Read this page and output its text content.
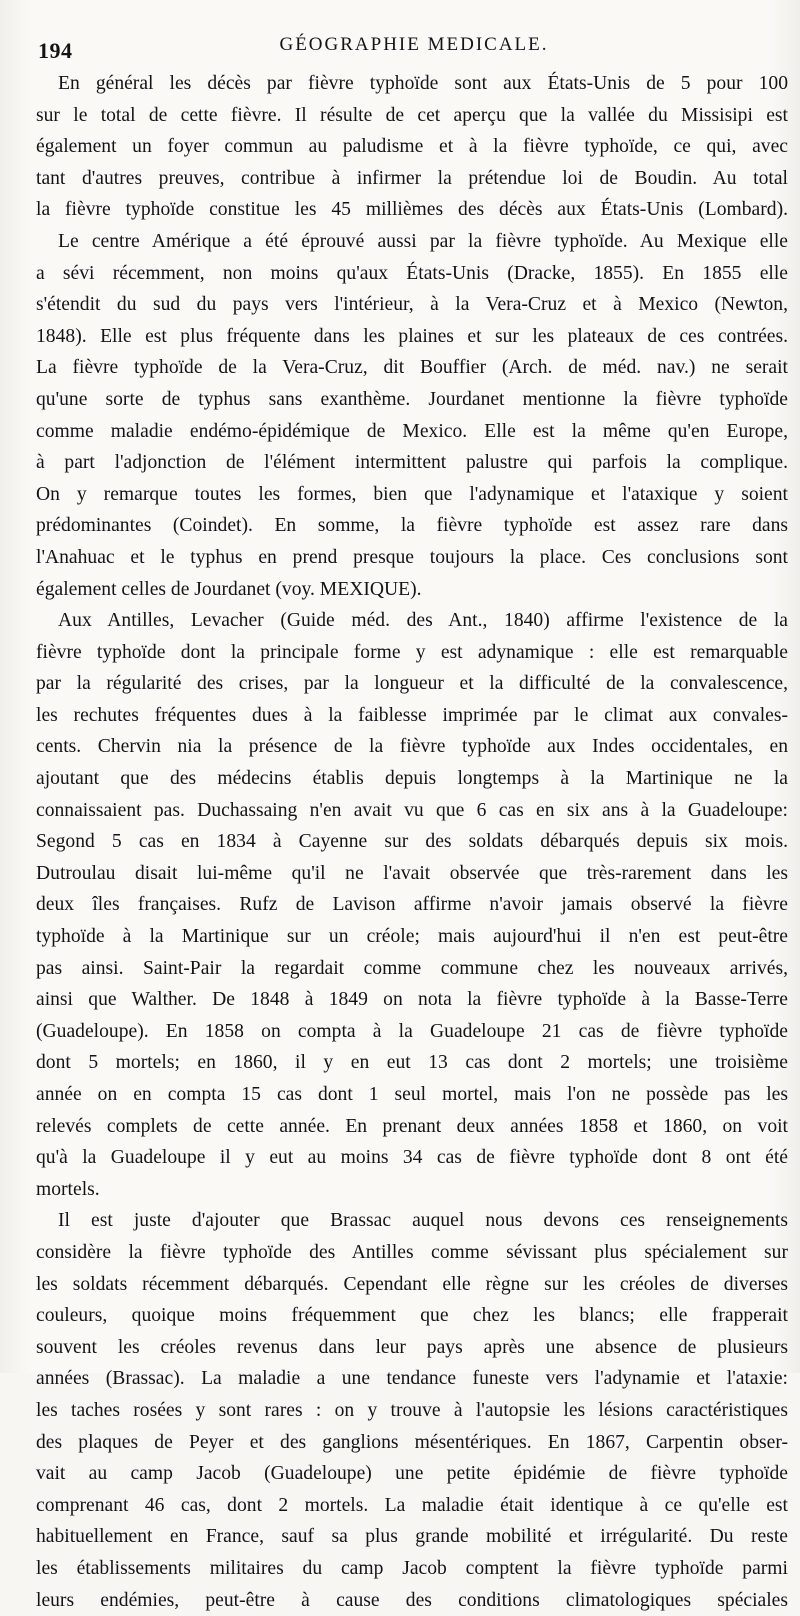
194	GÉOGRAPHIE MEDICALE.
En général les décès par fièvre typhoïde sont aux États-Unis de 5 pour 100
sur le total de cette fièvre. Il résulte de cet aperçu que la vallée du Missisipi est
également un foyer commun au paludisme et à la fièvre typhoïde, ce qui, avec
tant d'autres preuves, contribue à infirmer la prétendue loi de Boudin. Au total
la fièvre typhoïde constitue les 45 millièmes des décès aux États-Unis (Lombard).
Le centre Amérique a été éprouvé aussi par la fièvre typhoïde. Au Mexique elle
a sévi récemment, non moins qu'aux États-Unis (Dracke, 1855). En 1855 elle
s'étendit du sud du pays vers l'intérieur, à la Vera-Cruz et à Mexico (Newton,
1848). Elle est plus fréquente dans les plaines et sur les plateaux de ces contrées.
La fièvre typhoïde de la Vera-Cruz, dit Bouffier (Arch. de méd. nav.) ne serait
qu'une sorte de typhus sans exanthème. Jourdanet mentionne la fièvre typhoïde
comme maladie endémo-épidémique de Mexico. Elle est la même qu'en Europe,
à part l'adjonction de l'élément intermittent palustre qui parfois la complique.
On y remarque toutes les formes, bien que l'adynamique et l'ataxique y soient
prédominantes (Coindet). En somme, la fièvre typhoïde est assez rare dans
l'Anahuac et le typhus en prend presque toujours la place. Ces conclusions sont
également celles de Jourdanet (voy. MEXIQUE).
Aux Antilles, Levacher (Guide méd. des Ant., 1840) affirme l'existence de la
fièvre typhoïde dont la principale forme y est adynamique : elle est remarquable
par la régularité des crises, par la longueur et la difficulté de la convalescence,
les rechutes fréquentes dues à la faiblesse imprimée par le climat aux convales-
cents. Chervin nia la présence de la fièvre typhoïde aux Indes occidentales, en
ajoutant que des médecins établis depuis longtemps à la Martinique ne la
connaissaient pas. Duchassaing n'en avait vu que 6 cas en six ans à la Guadeloupe:
Segond 5 cas en 1834 à Cayenne sur des soldats débarqués depuis six mois.
Dutroulau disait lui-même qu'il ne l'avait observée que très-rarement dans les
deux îles françaises. Rufz de Lavison affirme n'avoir jamais observé la fièvre
typhoïde à la Martinique sur un créole; mais aujourd'hui il n'en est peut-être
pas ainsi. Saint-Pair la regardait comme commune chez les nouveaux arrivés,
ainsi que Walther. De 1848 à 1849 on nota la fièvre typhoïde à la Basse-Terre
(Guadeloupe). En 1858 on compta à la Guadeloupe 21 cas de fièvre typhoïde
dont 5 mortels; en 1860, il y en eut 13 cas dont 2 mortels; une troisième
année on en compta 15 cas dont 1 seul mortel, mais l'on ne possède pas les
relevés complets de cette année. En prenant deux années 1858 et 1860, on voit
qu'à la Guadeloupe il y eut au moins 34 cas de fièvre typhoïde dont 8 ont été
mortels.
Il est juste d'ajouter que Brassac auquel nous devons ces renseignements
considère la fièvre typhoïde des Antilles comme sévissant plus spécialement sur
les soldats récemment débarqués. Cependant elle règne sur les créoles de diverses
couleurs, quoique moins fréquemment que chez les blancs; elle frapperait
souvent les créoles revenus dans leur pays après une absence de plusieurs
années (Brassac). La maladie a une tendance funeste vers l'adynamie et l'ataxie:
les taches rosées y sont rares : on y trouve à l'autopsie les lésions caractéristiques
des plaques de Peyer et des ganglions mésentériques. En 1867, Carpentin obser-
vait au camp Jacob (Guadeloupe) une petite épidémie de fièvre typhoïde
comprenant 46 cas, dont 2 mortels. La maladie était identique à ce qu'elle est
habituellement en France, sauf sa plus grande mobilité et irrégularité. Du reste
les établissements militaires du camp Jacob comptent la fièvre typhoïde parmi
leurs endémies, peut-être à cause des conditions climatologiques spéciales
